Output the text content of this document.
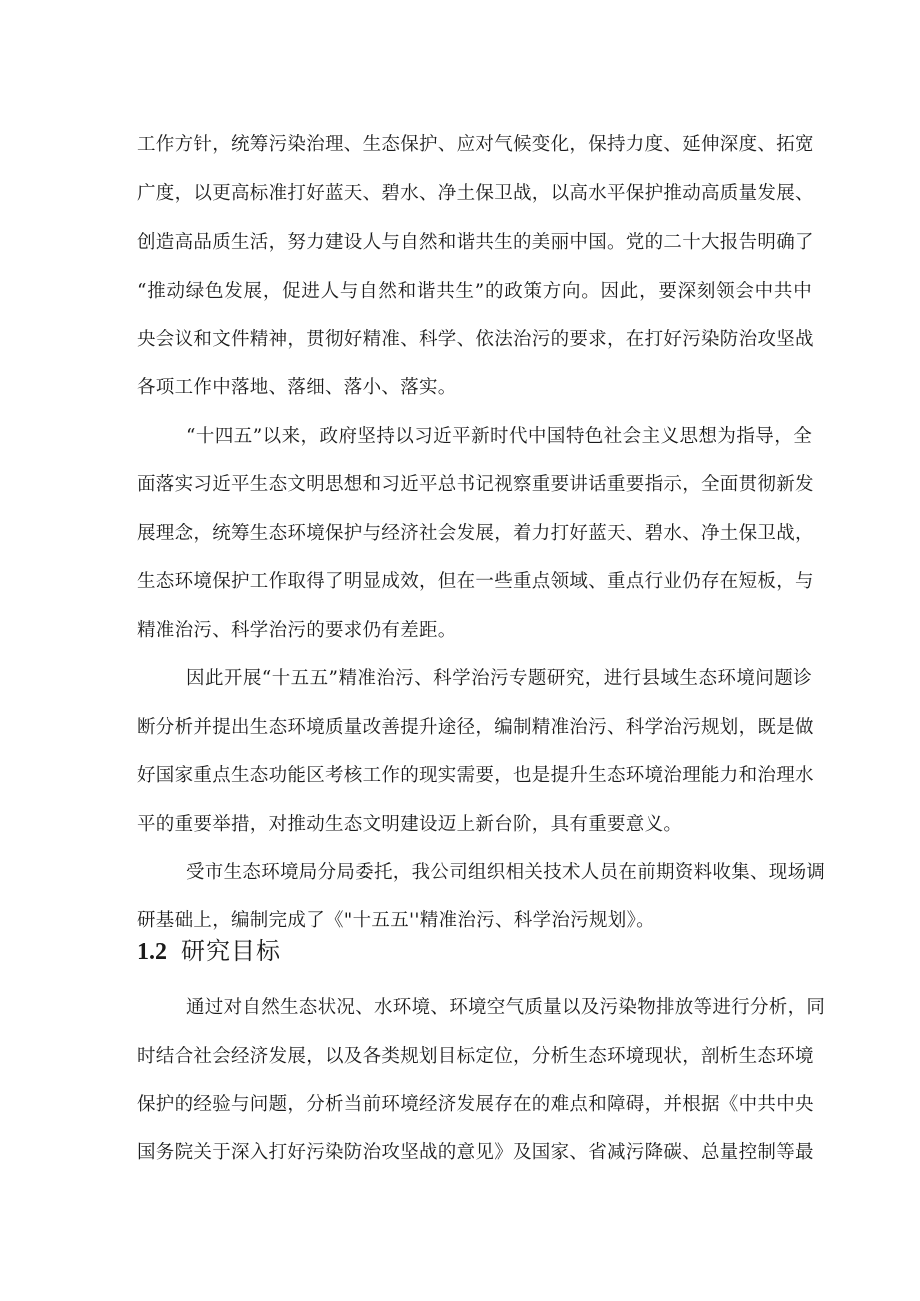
工作方针，统筹污染治理、生态保护、应对气候变化，保持力度、延伸深度、拓宽
广度，以更高标准打好蓝天、碧水、净土保卫战，以高水平保护推动高质量发展、
创造高品质生活，努力建设人与自然和谐共生的美丽中国。党的二十大报告明确了
“推动绿色发展，促进人与自然和谐共生”的政策方向。因此，要深刻领会中共中
央会议和文件精神，贯彻好精准、科学、依法治污的要求，在打好污染防治攻坚战
各项工作中落地、落细、落小、落实。
“十四五”以来，政府坚持以习近平新时代中国特色社会主义思想为指导，全
面落实习近平生态文明思想和习近平总书记视察重要讲话重要指示，全面贯彻新发
展理念，统筹生态环境保护与经济社会发展，着力打好蓝天、碧水、净土保卫战，
生态环境保护工作取得了明显成效，但在一些重点领域、重点行业仍存在短板，与
精准治污、科学治污的要求仍有差距。
因此开展“十五五”精准治污、科学治污专题研究，进行县域生态环境问题诊
断分析并提出生态环境质量改善提升途径，编制精准治污、科学治污规划，既是做
好国家重点生态功能区考核工作的现实需要，也是提升生态环境治理能力和治理水
平的重要举措，对推动生态文明建设迈上新台阶，具有重要意义。
受市生态环境局分局委托，我公司组织相关技术人员在前期资料收集、现场调
研基础上，编制完成了《"十五五''精准治污、科学治污规划》。
1.2 研究目标
通过对自然生态状况、水环境、环境空气质量以及污染物排放等进行分析，同
时结合社会经济发展，以及各类规划目标定位，分析生态环境现状，剖析生态环境
保护的经验与问题，分析当前环境经济发展存在的难点和障碍，并根据《中共中央
国务院关于深入打好污染防治攻坚战的意见》及国家、省减污降碳、总量控制等最
